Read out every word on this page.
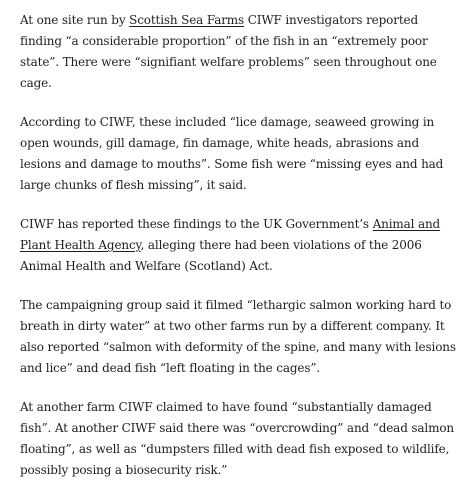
At one site run by Scottish Sea Farms CIWF investigators reported
finding “a considerable proportion” of the fish in an “extremely poor
state”. There were “signifiant welfare problems” seen throughout one
cage.

According to CIWF, these included “lice damage, seaweed growing in
open wounds, gill damage, fin damage, white heads, abrasions and
lesions and damage to mouths”. Some fish were “missing eyes and had
large chunks of flesh missing”, it said.

CIWF has reported these findings to the UK Government’s Animal and
Plant Health Agency, alleging there had been violations of the 2006
Animal Health and Welfare (Scotland) Act.

The campaigning group said it filmed “lethargic salmon working hard to
breath in dirty water” at two other farms run by a different company. It
also reported “salmon with deformity of the spine, and many with lesions
and lice” and dead fish “left floating in the cages”.

At another farm CIWF claimed to have found “substantially damaged
fish”. At another CIWF said there was “overcrowding” and “dead salmon
floating”, as well as “dumpsters filled with dead fish exposed to wildlife,
possibly posing a biosecurity risk.”
